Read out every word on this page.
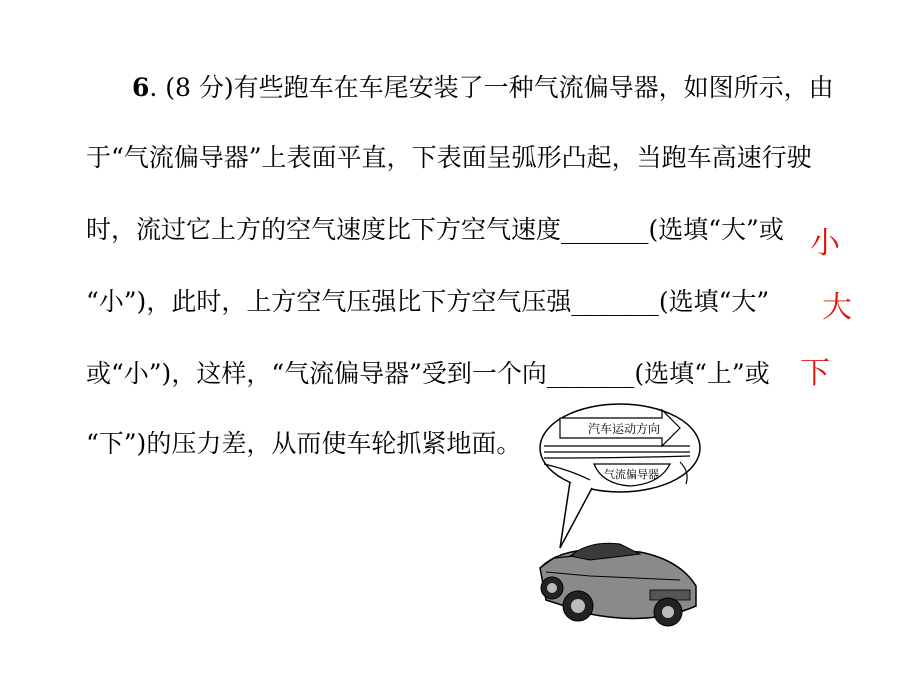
6. (8 分)有些跑车在车尾安装了一种气流偏导器，如图所示，由
于“气流偏导器”上表面平直，下表面呈弧形凸起，当跑车高速行驶
时，流过它上方的空气速度比下方空气速度_______(选填“大”或
“小”)，此时，上方空气压强比下方空气压强_______(选填“大”
或“小”)，这样，“气流偏导器”受到一个向_______(选填“上”或
“下”)的压力差，从而使车轮抓紧地面。
小
大
下
汽车运动方向
气流偏导器
